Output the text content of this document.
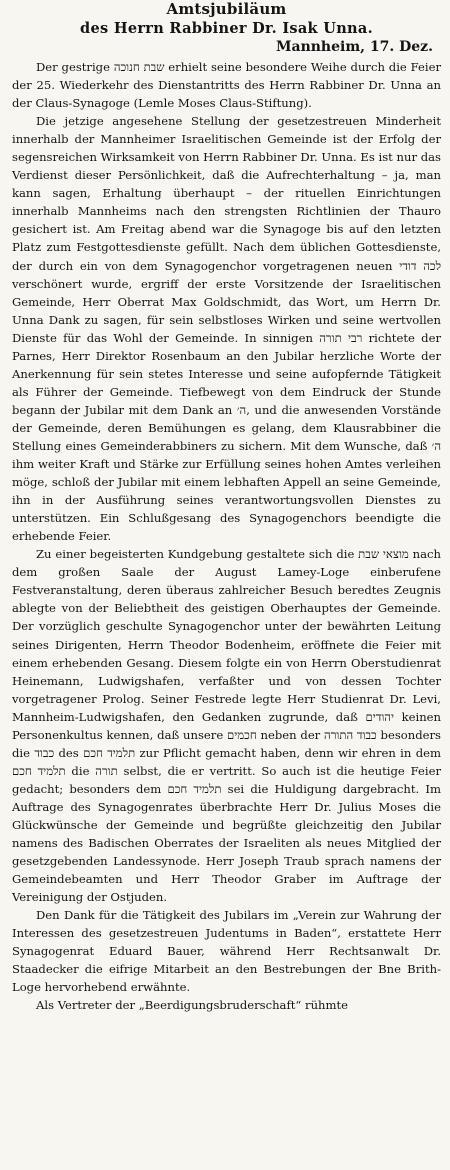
Amtsjubiläum
des Herrn Rabbiner Dr. Isak Unna.
Mannheim, 17. Dez.

Der gestrige שבת חנוכה erhielt seine besondere Weihe durch die Feier der 25. Wiederkehr des Dienstantritts des Herrn Rabbiner Dr. Unna an der Claus-Synagoge (Lemle Moses Claus-Stiftung).

Die jetzige angesehene Stellung der gesetzestreuen Minderheit innerhalb der Mannheimer Israelitischen Gemeinde ist der Erfolg der segensreichen Wirksamkeit von Herrn Rabbiner Dr. Unna. Es ist nur das Verdienst dieser Persönlichkeit, daß die Aufrechterhaltung – ja, man kann sagen, Erhaltung überhaupt – der rituellen Einrichtungen innerhalb Mannheims nach den strengsten Richtlinien der Thauro gesichert ist. Am Freitag abend war die Synagoge bis auf den letzten Platz zum Festgottesdienste gefüllt. Nach dem üblichen Gottesdienste, der durch ein von dem Synagogenchor vorgetragenen neuen לכה דודי verschönert wurde, ergriff der erste Vorsitzende der Israelitischen Gemeinde, Herr Oberrat Max Goldschmidt, das Wort, um Herrn Dr. Unna Dank zu sagen, für sein selbstloses Wirken und seine wertvollen Dienste für das Wohl der Gemeinde. In sinnigen רבי תורה richtete der Parnes, Herr Direktor Rosenbaum an den Jubilar herzliche Worte der Anerkennung für sein stetes Interesse und seine aufopfernde Tätigkeit als Führer der Gemeinde. Tiefbewegt von dem Eindruck der Stunde begann der Jubilar mit dem Dank an ה׳, und die anwesenden Vorstände der Gemeinde, deren Bemühungen es gelang, dem Klausrabbiner die Stellung eines Gemeinderabbiners zu sichern. Mit dem Wunsche, daß ה׳ ihm weiter Kraft und Stärke zur Erfüllung seines hohen Amtes verleihen möge, schloß der Jubilar mit einem lebhaften Appell an seine Gemeinde, ihn in der Ausführung seines verantwortungsvollen Dienstes zu unterstützen. Ein Schlußgesang des Synagogenchors beendigte die erhebende Feier.

Zu einer begeisterten Kundgebung gestaltete sich die מוצאי שבת nach dem großen Saale der August Lamey-Loge einberufene Festveranstaltung, deren überaus zahlreicher Besuch beredtes Zeugnis ablegte von der Beliebtheit des geistigen Oberhauptes der Gemeinde. Der vorzüglich geschulte Synagogenchor unter der bewährten Leitung seines Dirigenten, Herrn Theodor Bodenheim, eröffnete die Feier mit einem erhebenden Gesang. Diesem folgte ein von Herrn Oberstudienrat Heinemann, Ludwigshafen, verfaßter und von dessen Tochter vorgetragener Prolog. Seiner Festrede legte Herr Studienrat Dr. Levi, Mannheim-Ludwigshafen, den Gedanken zugrunde, daß יהודים keinen Personenkultus kennen, daß unsere חכמים neben der כבוד התורה besonders die כבוד des תלמיד חכם zur Pflicht gemacht haben, denn wir ehren in dem תלמיד חכם die תורה selbst, die er vertritt. So auch ist die heutige Feier gedacht; besonders dem תלמיד חכם sei die Huldigung dargebracht. Im Auftrage des Synagogenrates überbrachte Herr Dr. Julius Moses die Glückwünsche der Gemeinde und begrüßte gleichzeitig den Jubilar namens des Badischen Oberrates der Israeliten als neues Mitglied der gesetzgebenden Landessynode. Herr Joseph Traub sprach namens der Gemeindebeamten und Herr Theodor Graber im Auftrage der Vereinigung der Ostjuden.

Den Dank für die Tätigkeit des Jubilars im „Verein zur Wahrung der Interessen des gesetzestreuen Judentums in Baden“, erstattete Herr Synagogenrat Eduard Bauer, während Herr Rechtsanwalt Dr. Staadecker die eifrige Mitarbeit an den Bestrebungen der Bne Brith-Loge hervorhebend erwähnte.

Als Vertreter der „Beerdigungsbruderschaft“ rühmte
